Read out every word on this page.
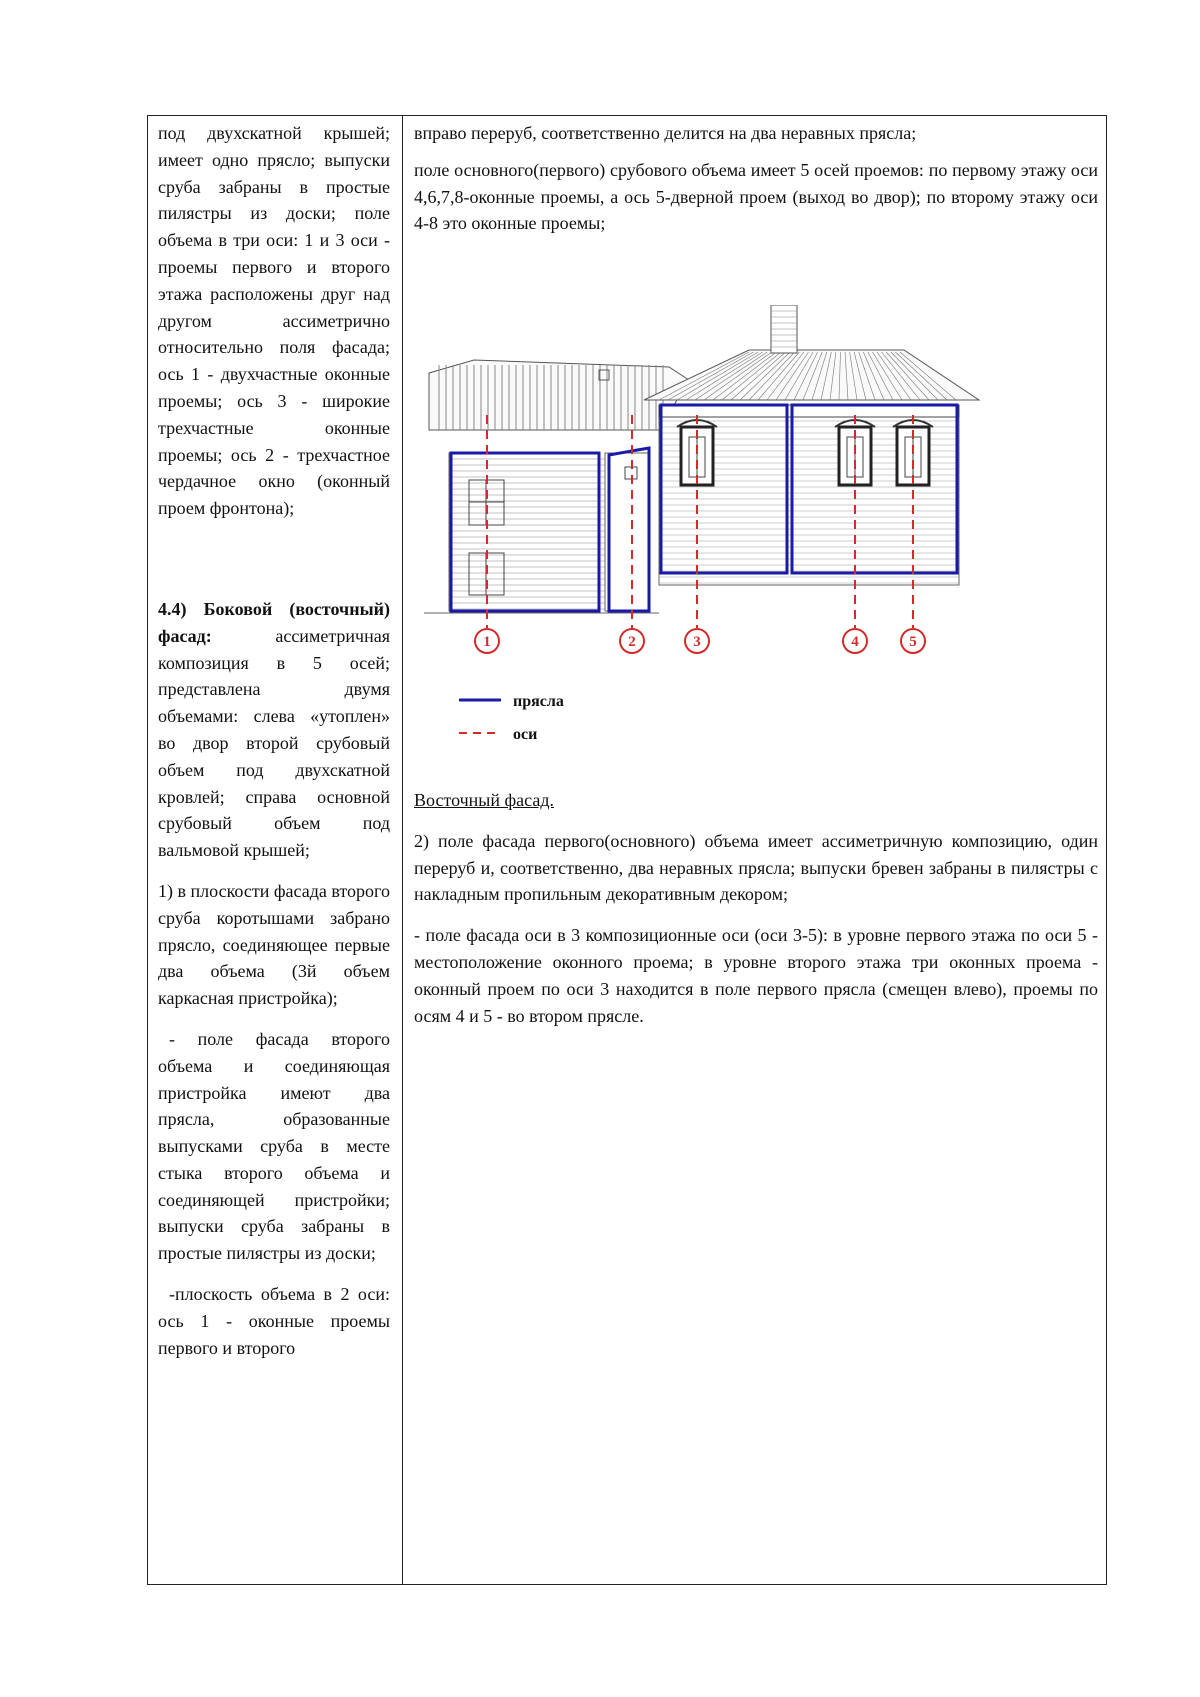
под двухскатной крышей; имеет одно прясло; выпуски сруба забраны в простые пилястры из доски; поле объема в три оси: 1 и 3 оси - проемы первого и второго этажа расположены друг над другом ассиметрично относительно поля фасада; ось 1 - двухчастные оконные проемы; ось 3 - широкие трехчастные оконные проемы; ось 2 - трехчастное чердачное окно (оконный проем фронтона);

4.4) Боковой (восточный) фасад: ассиметричная композиция в 5 осей; представлена двумя объемами: слева «утоплен» во двор второй срубовый объем под двухскатной кровлей; справа основной срубовый объем под вальмовой крышей;

1) в плоскости фасада второго сруба коротышами забрано прясло, соединяющее первые два объема (3й объем каркасная пристройка);

- поле фасада второго объема и соединяющая пристройка имеют два прясла, образованные выпусками сруба в месте стыка второго объема и соединяющей пристройки; выпуски сруба забраны в простые пилястры из доски;

-плоскость объема в 2 оси: ось 1 - оконные проемы первого и второго

вправо переруб, соответственно делится на два неравных прясла;

поле основного(первого) срубового объема имеет 5 осей проемов: по первому этажу оси 4,6,7,8-оконные проемы, а ось 5-дверной проем (выход во двор); по второму этажу оси 4-8 это оконные проемы;

1	2	3	4	5
прясла
оси

Восточный фасад.

2) поле фасада первого(основного) объема имеет ассиметричную композицию, один переруб и, соответственно, два неравных прясла; выпуски бревен забраны в пилястры с накладным пропильным декоративным декором;

- поле фасада оси в 3 композиционные оси (оси 3-5): в уровне первого этажа по оси 5 - местоположение оконного проема; в уровне второго этажа три оконных проема - оконный проем по оси 3 находится в поле первого прясла (смещен влево), проемы по осям 4 и 5 - во втором прясле.
